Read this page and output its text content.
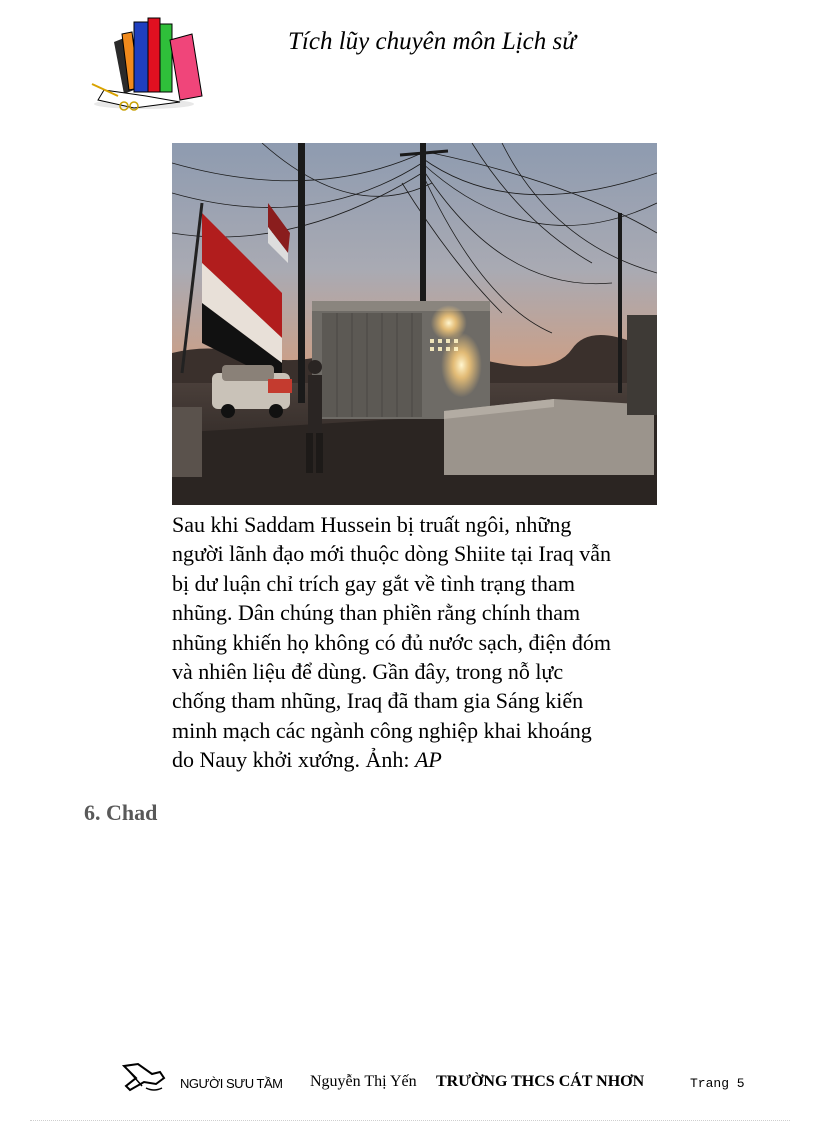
Tích lũy chuyên môn Lịch sử
Sau khi Saddam Hussein bị truất ngôi, những
người lãnh đạo mới thuộc dòng Shiite tại Iraq vẫn
bị dư luận chỉ trích gay gắt về tình trạng tham
nhũng. Dân chúng than phiền rằng chính tham
nhũng khiến họ không có đủ nước sạch, điện đóm
và nhiên liệu để dùng. Gần đây, trong nỗ lực
chống tham nhũng, Iraq đã tham gia Sáng kiến
minh mạch các ngành công nghiệp khai khoáng
do Nauy khởi xướng. Ảnh: AP
6. Chad
NGƯỜI SƯU TẦM Nguyễn Thị Yến TRƯỜNG THCS CÁT NHƠN	Trang 5
